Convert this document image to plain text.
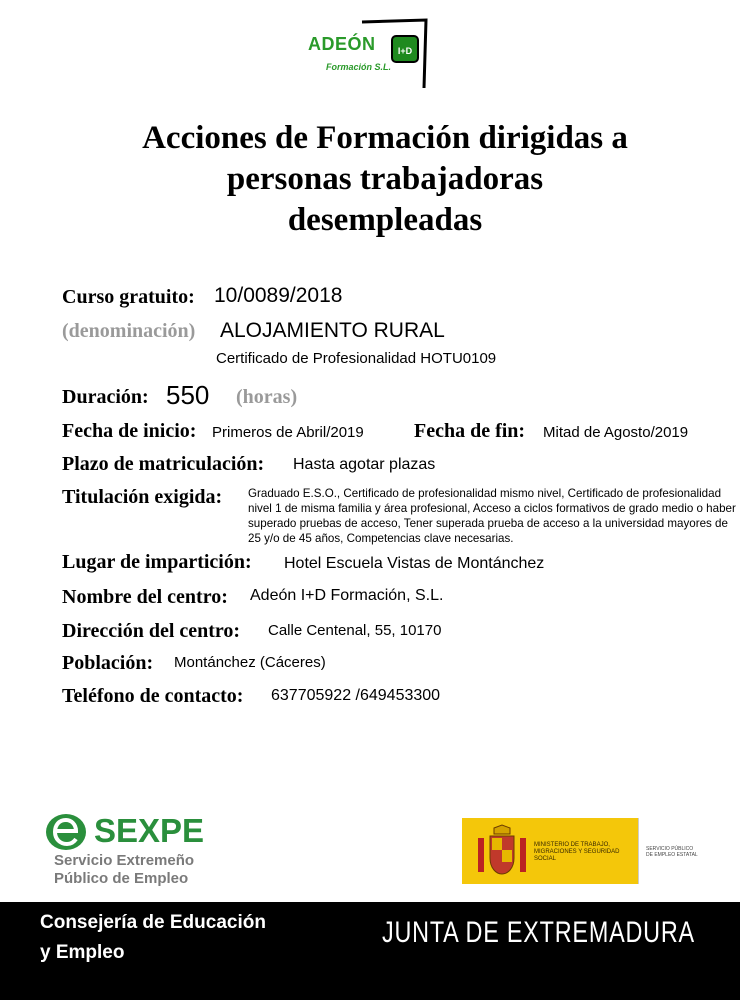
ADEÓN I+D
Formación S.L.
Acciones de Formación dirigidas a
personas trabajadoras
desempleadas
Curso gratuito: 10/0089/2018
(denominación) ALOJAMIENTO RURAL
Certificado de Profesionalidad HOTU0109
Duración: 550 (horas)
Fecha de inicio: Primeros de Abril/2019	Fecha de fin: Mitad de Agosto/2019
Plazo de matriculación: Hasta agotar plazas
Titulación exigida: Graduado E.S.O., Certificado de profesionalidad mismo nivel, Certificado de profesionalidad nivel 1 de misma familia y área profesional, Acceso a ciclos formativos de grado medio o haber superado pruebas de acceso, Tener superada prueba de acceso a la universidad mayores de 25 y/o de 45 años, Competencias clave necesarias.
Lugar de impartición: Hotel Escuela Vistas de Montánchez
Nombre del centro: Adeón I+D Formación, S.L.
Dirección del centro: Calle Centenal, 55, 10170
Población: Montánchez (Cáceres)
Teléfono de contacto: 637705922 /649453300
SEXPE
Servicio Extremeño
Público de Empleo
MINISTERIO DE TRABAJO, MIGRACIONES Y SEGURIDAD SOCIAL
SERVICIO PÚBLICO DE EMPLEO ESTATAL
Consejería de Educación
y Empleo
JUNTA DE EXTREMADURA
